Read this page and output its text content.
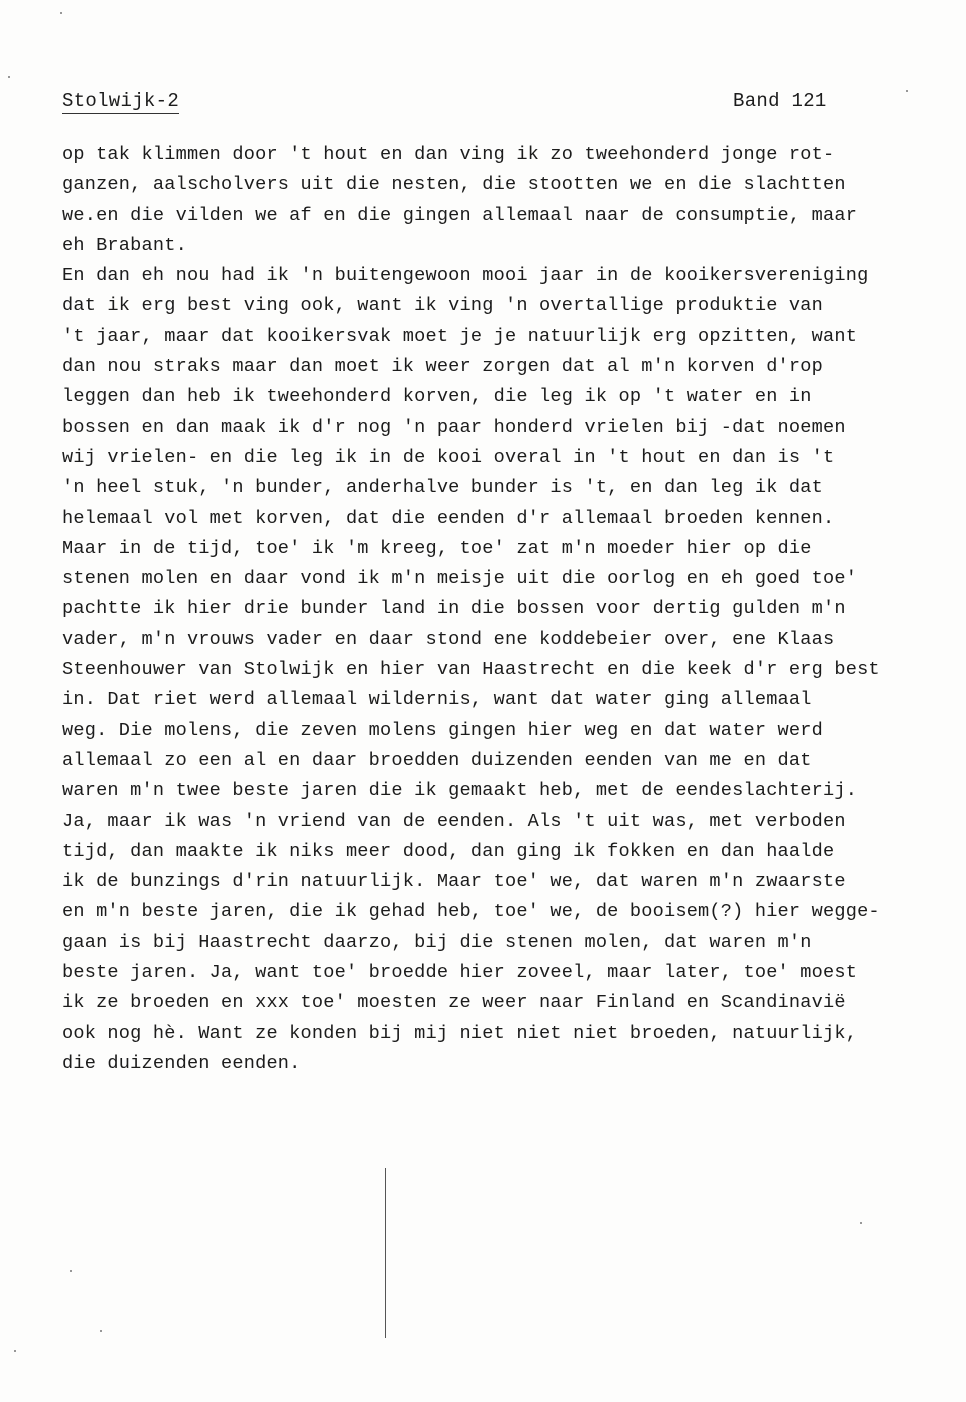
Stolwijk-2	Band 121
op tak klimmen door 't hout en dan ving ik zo tweehonderd jonge rot-
ganzen, aalscholvers uit die nesten, die stootten we en die slachtten
we.en die vilden we af en die gingen allemaal naar de consumptie, maar
eh Brabant.
En dan eh nou had ik 'n buitengewoon mooi jaar in de kooikersvereniging
dat ik erg best ving ook, want ik ving 'n overtallige produktie van
't jaar, maar dat kooikersvak moet je je natuurlijk erg opzitten, want
dan nou straks maar dan moet ik weer zorgen dat al m'n korven d'rop
leggen dan heb ik tweehonderd korven, die leg ik op 't water en in
bossen en dan maak ik d'r nog 'n paar honderd vrielen bij -dat noemen
wij vrielen- en die leg ik in de kooi overal in 't hout en dan is 't
'n heel stuk, 'n bunder, anderhalve bunder is 't, en dan leg ik dat
helemaal vol met korven, dat die eenden d'r allemaal broeden kennen.
Maar in de tijd, toe' ik 'm kreeg, toe' zat m'n moeder hier op die
stenen molen en daar vond ik m'n meisje uit die oorlog en eh goed toe'
pachtte ik hier drie bunder land in die bossen voor dertig gulden m'n
vader, m'n vrouws vader en daar stond ene koddebeier over, ene Klaas
Steenhouwer van Stolwijk en hier van Haastrecht en die keek d'r erg best
in. Dat riet werd allemaal wildernis, want dat water ging allemaal
weg. Die molens, die zeven molens gingen hier weg en dat water werd
allemaal zo een al en daar broedden duizenden eenden van me en dat
waren m'n twee beste jaren die ik gemaakt heb, met de eendeslachterij.
Ja, maar ik was 'n vriend van de eenden. Als 't uit was, met verboden
tijd, dan maakte ik niks meer dood, dan ging ik fokken en dan haalde
ik de bunzings d'rin natuurlijk. Maar toe' we, dat waren m'n zwaarste
en m'n beste jaren, die ik gehad heb, toe' we, de booisem(?) hier wegge-
gaan is bij Haastrecht daarzo, bij die stenen molen, dat waren m'n
beste jaren. Ja, want toe' broedde hier zoveel, maar later, toe' moest
ik ze broeden en xxx toe' moesten ze weer naar Finland en Scandinavië
ook nog hè. Want ze konden bij mij niet niet niet broeden, natuurlijk,
die duizenden eenden.
